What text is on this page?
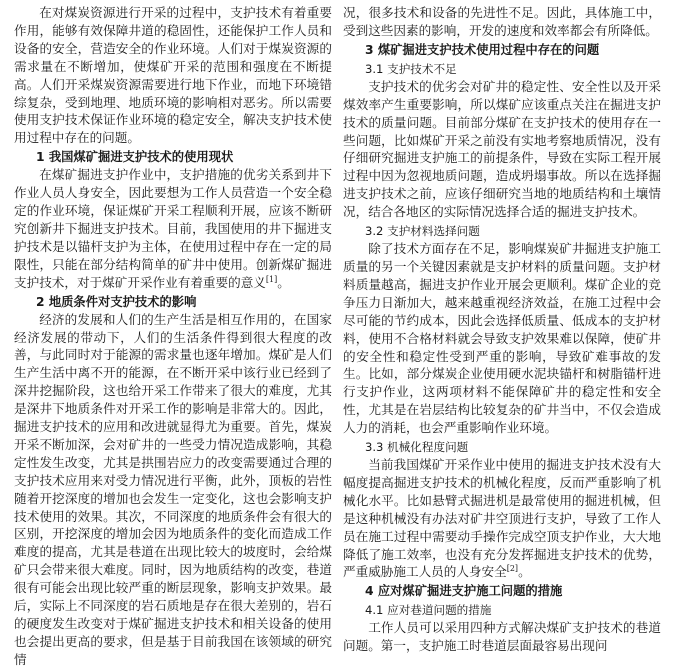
在对煤炭资源进行开采的过程中，支护技术有着重要作用，能够有效保障井道的稳固性，还能保护工作人员和设备的安全，营造安全的作业环境。人们对于煤炭资源的需求量在不断增加，使煤矿开采的范围和强度在不断提高。人们开采煤炭资源需要进行地下作业，而地下环境错综复杂，受到地理、地质环境的影响相对恶劣。所以需要使用支护技术保证作业环境的稳定安全，解决支护技术使用过程中存在的问题。

1 我国煤矿掘进支护技术的使用现状

在煤矿掘进支护作业中，支护措施的优劣关系到井下作业人员人身安全，因此要想为工作人员营造一个安全稳定的作业环境，保证煤矿开采工程顺利开展，应该不断研究创新井下掘进支护技术。目前，我国使用的井下掘进支护技术是以锚杆支护为主体，在使用过程中存在一定的局限性，只能在部分结构简单的矿井中使用。创新煤矿掘进支护技术，对于煤矿开采作业有着重要的意义[1]。

2 地质条件对支护技术的影响

经济的发展和人们的生产生活是相互作用的，在国家经济发展的带动下，人们的生活条件得到很大程度的改善，与此同时对于能源的需求量也逐年增加。煤矿是人们生产生活中离不开的能源，在不断开采中该行业已经到了深井挖掘阶段，这也给开采工作带来了很大的难度，尤其是深井下地质条件对开采工作的影响是非常大的。因此，掘进支护技术的应用和改进就显得尤为重要。首先，煤炭开采不断加深，会对矿井的一些受力情况造成影响，其稳定性发生改变，尤其是拱围岩应力的改变需要通过合理的支护技术应用来对受力情况进行平衡，此外，顶板的岩性随着开挖深度的增加也会发生一定变化，这也会影响支护技术使用的效果。其次，不同深度的地质条件会有很大的区别，开挖深度的增加会因为地质条件的变化而造成工作难度的提高，尤其是巷道在出现比较大的坡度时，会给煤矿只会带来很大难度。同时，因为地质结构的改变，巷道很有可能会出现比较严重的断层现象，影响支护效果。最后，实际上不同深度的岩石质地是存在很大差别的，岩石的硬度发生改变对于煤矿掘进支护技术和相关设备的使用也会提出更高的要求，但是基于目前我国在该领域的研究情

况，很多技术和设备的先进性不足。因此，具体施工中，受到这些因素的影响，开发的速度和效率都会有所降低。

3 煤矿掘进支护技术使用过程中存在的问题
3.1 支护技术不足

支护技术的优劣会对矿井的稳定性、安全性以及开采煤效率产生重要影响，所以煤矿应该重点关注在掘进支护技术的质量问题。目前部分煤矿在支护技术的使用存在一些问题，比如煤矿开采之前没有实地考察地质情况，没有仔细研究掘进支护施工的前提条件，导致在实际工程开展过程中因为忽视地质问题，造成坍塌事故。所以在选择掘进支护技术之前，应该仔细研究当地的地质结构和土壤情况，结合各地区的实际情况选择合适的掘进支护技术。

3.2 支护材料选择问题

除了技术方面存在不足，影响煤炭矿井掘进支护施工质量的另一个关键因素就是支护材料的质量问题。支护材料质量越高，掘进支护作业开展会更顺利。煤矿企业的竞争压力日渐加大，越来越重视经济效益，在施工过程中会尽可能的节约成本，因此会选择低质量、低成本的支护材料，使用不合格材料就会导致支护效果难以保障，使矿井的安全性和稳定性受到严重的影响，导致矿难事故的发生。比如，部分煤炭企业使用硬水泥块锚杆和树脂锚杆进行支护作业，这两项材料不能保障矿井的稳定性和安全性，尤其是在岩层结构比较复杂的矿井当中，不仅会造成人力的消耗，也会严重影响作业环境。

3.3 机械化程度问题

当前我国煤矿开采作业中使用的掘进支护技术没有大幅度提高掘进支护技术的机械化程度，反而严重影响了机械化水平。比如悬臂式掘进机是最常使用的掘进机械，但是这种机械没有办法对矿井空顶进行支护，导致了工作人员在施工过程中需要动手操作完成空顶支护作业，大大地降低了施工效率，也没有充分发挥掘进支护技术的优势，严重威胁施工人员的人身安全[2]。

4 应对煤矿掘进支护施工问题的措施
4.1 应对巷道问题的措施

工作人员可以采用四种方式解决煤矿支护技术的巷道问题。第一，支护施工时巷道层面最容易出现问
